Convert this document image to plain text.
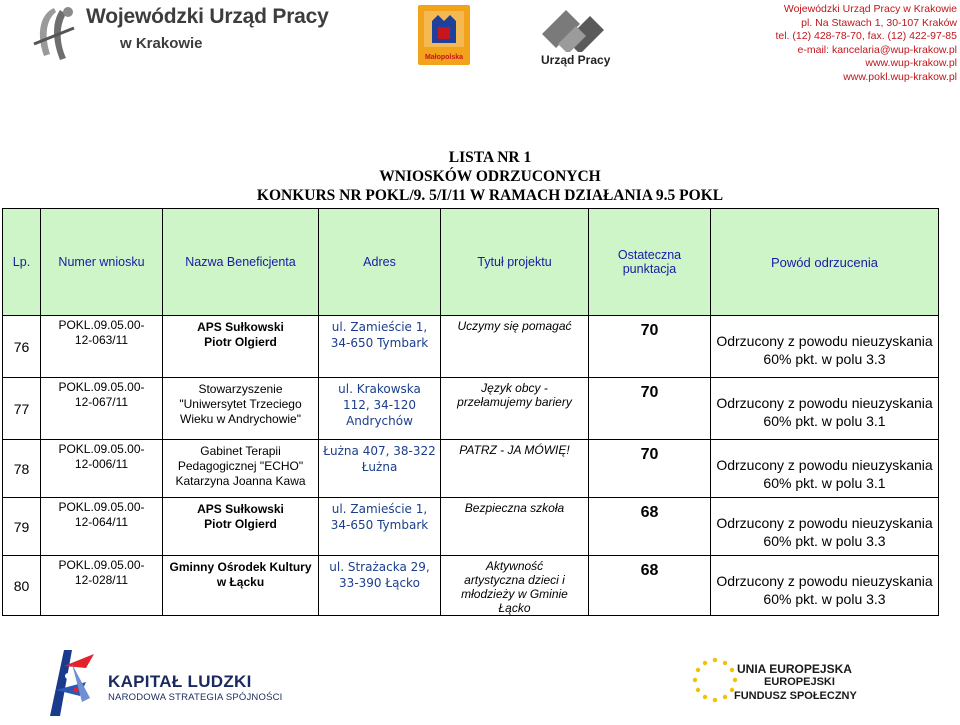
Wojewódzki Urząd Pracy
w Krakowie
Małopolska	Urząd Pracy
Wojewódzki Urząd Pracy w Krakowie
pl. Na Stawach 1, 30-107 Kraków
tel. (12) 428-78-70, fax. (12) 422-97-85
e-mail: kancelaria@wup-krakow.pl
www.wup-krakow.pl
www.pokl.wup-krakow.pl
LISTA NR 1
WNIOSKÓW ODRZUCONYCH
KONKURS NR POKL/9. 5/I/11 W RAMACH DZIAŁANIA 9.5 POKL
Lp.	Numer wniosku	Nazwa Beneficjenta	Adres	Tytuł projektu	Ostateczna punktacja	Powód odrzucenia
76	POKL.09.05.00-12-063/11	APS Sułkowski Piotr Olgierd	ul. Zamieście 1, 34-650 Tymbark	Uczymy się pomagać	70	Odrzucony z powodu nieuzyskania 60% pkt. w polu 3.3
77	POKL.09.05.00-12-067/11	Stowarzyszenie "Uniwersytet Trzeciego Wieku w Andrychowie"	ul. Krakowska 112, 34-120 Andrychów	Język obcy - przełamujemy bariery	70	Odrzucony z powodu nieuzyskania 60% pkt. w polu 3.1
78	POKL.09.05.00-12-006/11	Gabinet Terapii Pedagogicznej "ECHO" Katarzyna Joanna Kawa	Łużna 407, 38-322 Łużna	PATRZ - JA MÓWIĘ!	70	Odrzucony z powodu nieuzyskania 60% pkt. w polu 3.1
79	POKL.09.05.00-12-064/11	APS Sułkowski Piotr Olgierd	ul. Zamieście 1, 34-650 Tymbark	Bezpieczna szkoła	68	Odrzucony z powodu nieuzyskania 60% pkt. w polu 3.3
80	POKL.09.05.00-12-028/11	Gminny Ośrodek Kultury w Łącku	ul. Strażacka 29, 33-390 Łącko	Aktywność artystyczna dzieci i młodzieży w Gminie Łącko	68	Odrzucony z powodu nieuzyskania 60% pkt. w polu 3.3
KAPITAŁ LUDZKI
NARODOWA STRATEGIA SPÓJNOŚCI
UNIA EUROPEJSKA
EUROPEJSKI
FUNDUSZ SPOŁECZNY
